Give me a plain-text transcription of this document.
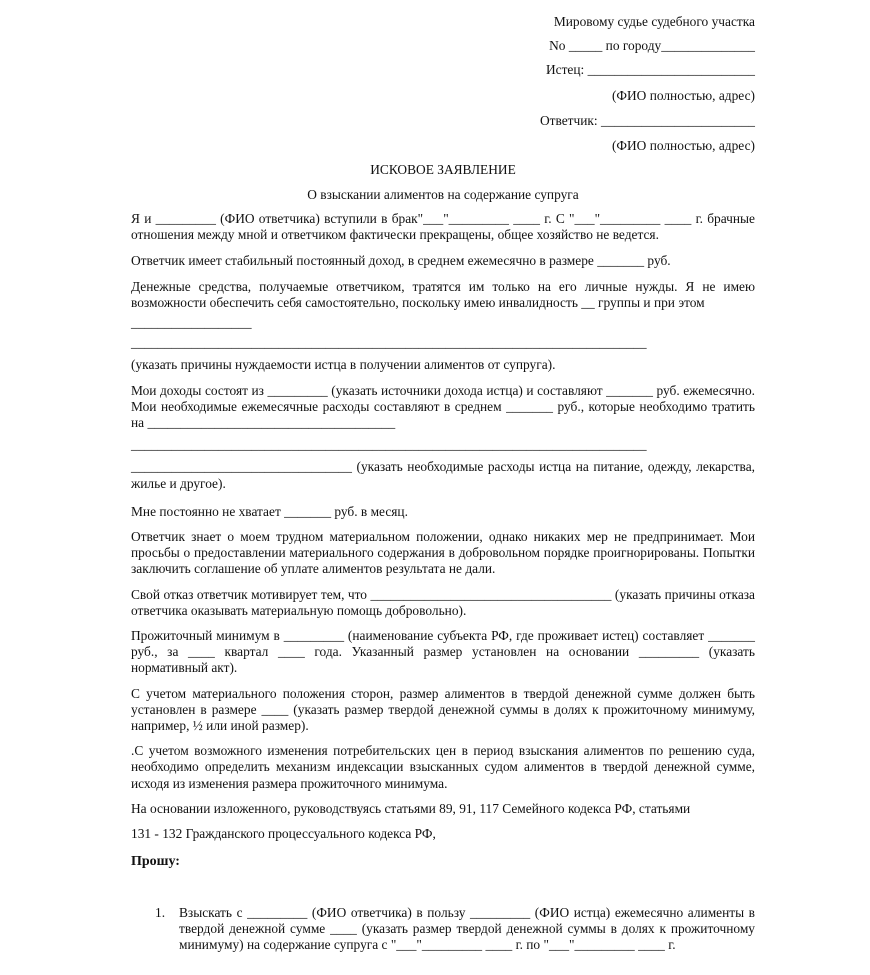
Мировому судье судебного участка
No _____ по городу______________
Истец: _________________________
(ФИО полностью, адрес)
Ответчик: _______________________
(ФИО полностью, адрес)
ИСКОВОЕ ЗАЯВЛЕНИЕ
О взыскании алиментов на содержание супруга

Я и _________ (ФИО ответчика) вступили в брак"___"_________ ____ г. С "___"_________ ____ г. брачные отношения между мной и ответчиком фактически прекращены, общее хозяйство не ведется.

Ответчик имеет стабильный постоянный доход, в среднем ежемесячно в размере _______ руб.

Денежные средства, получаемые ответчиком, тратятся им только на его личные нужды. Я не имею возможности обеспечить себя самостоятельно, поскольку имею инвалидность __ группы и при этом

__________________

_____________________________________________________________________________

(указать причины нуждаемости истца в получении алиментов от супруга).

Мои доходы состоят из _________ (указать источники дохода истца) и составляют _______ руб. ежемесячно. Мои необходимые ежемесячные расходы составляют в среднем _______ руб., которые необходимо тратить на _____________________________________

_____________________________________________________________________________

_________________________________ (указать необходимые расходы истца на питание, одежду, лекарства, жилье и другое).

Мне постоянно не хватает _______ руб. в месяц.

Ответчик знает о моем трудном материальном положении, однако никаких мер не предпринимает. Мои просьбы о предоставлении материального содержания в добровольном порядке проигнорированы. Попытки заключить соглашение об уплате алиментов результата не дали.

Свой отказ ответчик мотивирует тем, что ____________________________________ (указать причины отказа ответчика оказывать материальную помощь добровольно).

Прожиточный минимум в _________ (наименование субъекта РФ, где проживает истец) составляет _______ руб., за ____ квартал ____ года. Указанный размер установлен на основании _________ (указать нормативный акт).

С учетом материального положения сторон, размер алиментов в твердой денежной сумме должен быть установлен в размере ____ (указать размер твердой денежной суммы в долях к прожиточному минимуму, например, ½ или иной размер).

.С учетом возможного изменения потребительских цен в период взыскания алиментов по решению суда, необходимо определить механизм индексации взысканных судом алиментов в твердой денежной сумме, исходя из изменения размера прожиточного минимума.

На основании изложенного, руководствуясь статьями 89, 91, 117 Семейного кодекса РФ, статьями

131 - 132 Гражданского процессуального кодекса РФ,

Прошу:

1. Взыскать с _________ (ФИО ответчика) в пользу _________ (ФИО истца) ежемесячно алименты в твердой денежной сумме ____ (указать размер твердой денежной суммы в долях к прожиточному минимуму) на содержание супруга с "___"_________ ____ г. по "___"_________ ____ г.
